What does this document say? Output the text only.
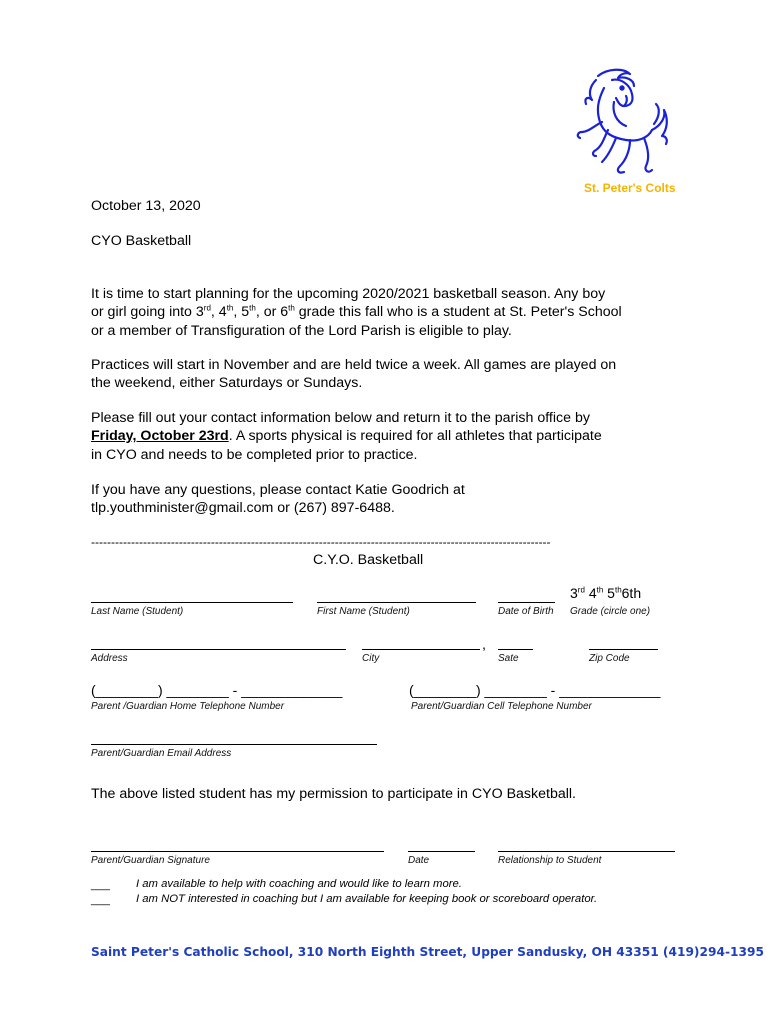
St. Peter's Colts
October 13, 2020
CYO Basketball

It is time to start planning for the upcoming 2020/2021 basketball season. Any boy

or girl going into 3rd, 4th, 5th, or 6th grade this fall who is a student at St. Peter's School

or a member of Transfiguration of the Lord Parish is eligible to play.

Practices will start in November and are held twice a week. All games are played on

the weekend, either Saturdays or Sundays.

Please fill out your contact information below and return it to the parish office by

Friday, October 23rd. A sports physical is required for all athletes that participate

in CYO and needs to be completed prior to practice.

If you have any questions, please contact Katie Goodrich at

tlp.youthminister@gmail.com or (267) 897-6488.

-------------------------------------------------------------------------------------------------------------------
C.Y.O. Basketball
3rd 4th 5th6th
Last Name (Student)	First Name (Student)	Date of Birth Grade (circle one)
,
Address	City	Sate	Zip Code
(________) ________ - _____________	(________) ________ - _____________
Parent /Guardian Home Telephone Number	Parent/Guardian Cell Telephone Number
Parent/Guardian Email Address
The above listed student has my permission to participate in CYO Basketball.
Parent/Guardian Signature	Date	Relationship to Student
___ I am available to help with coaching and would like to learn more.
___ I am NOT interested in coaching but I am available for keeping book or scoreboard operator.
Saint Peter's Catholic School, 310 North Eighth Street, Upper Sandusky, OH 43351 (419)294-1395
